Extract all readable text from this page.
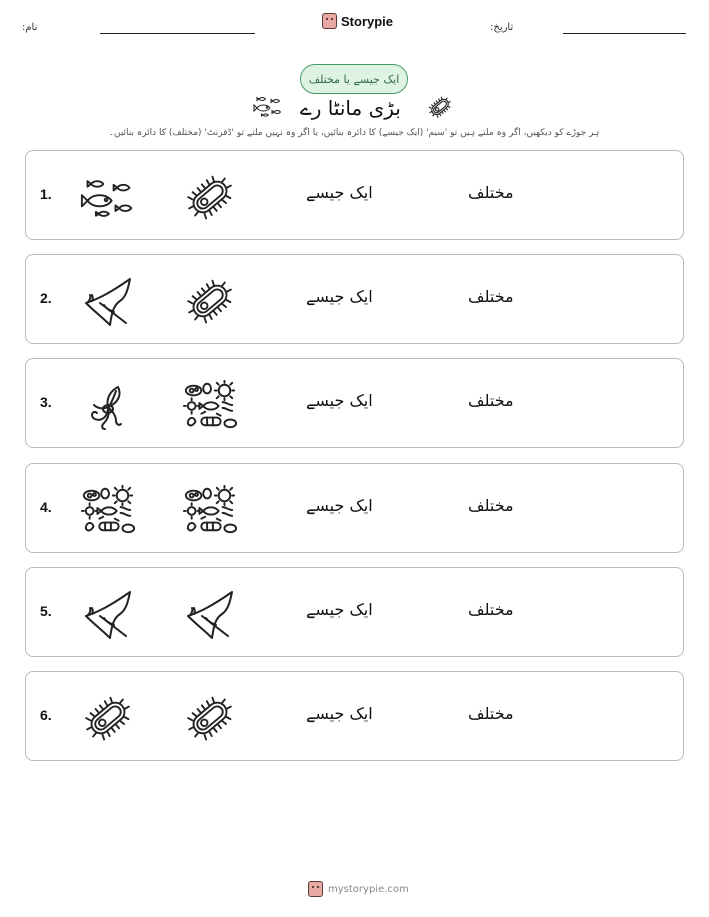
نام:	Storypie	تاریخ:
ایک جیسے یا مختلف
بڑی مانٹا رے
ہر جوڑے کو دیکھیں، اگر وہ ملتے ہیں تو 'سیم' (ایک جیسے) کا دائرہ بنائیں، یا اگر وہ نہیں ملتے تو 'ڈفرنٹ' (مختلف) کا دائرہ بنائیں۔
1.	ایک جیسے	مختلف
2.	ایک جیسے	مختلف
3.	ایک جیسے	مختلف
4.	ایک جیسے	مختلف
5.	ایک جیسے	مختلف
6.	ایک جیسے	مختلف
mystorypie.com
